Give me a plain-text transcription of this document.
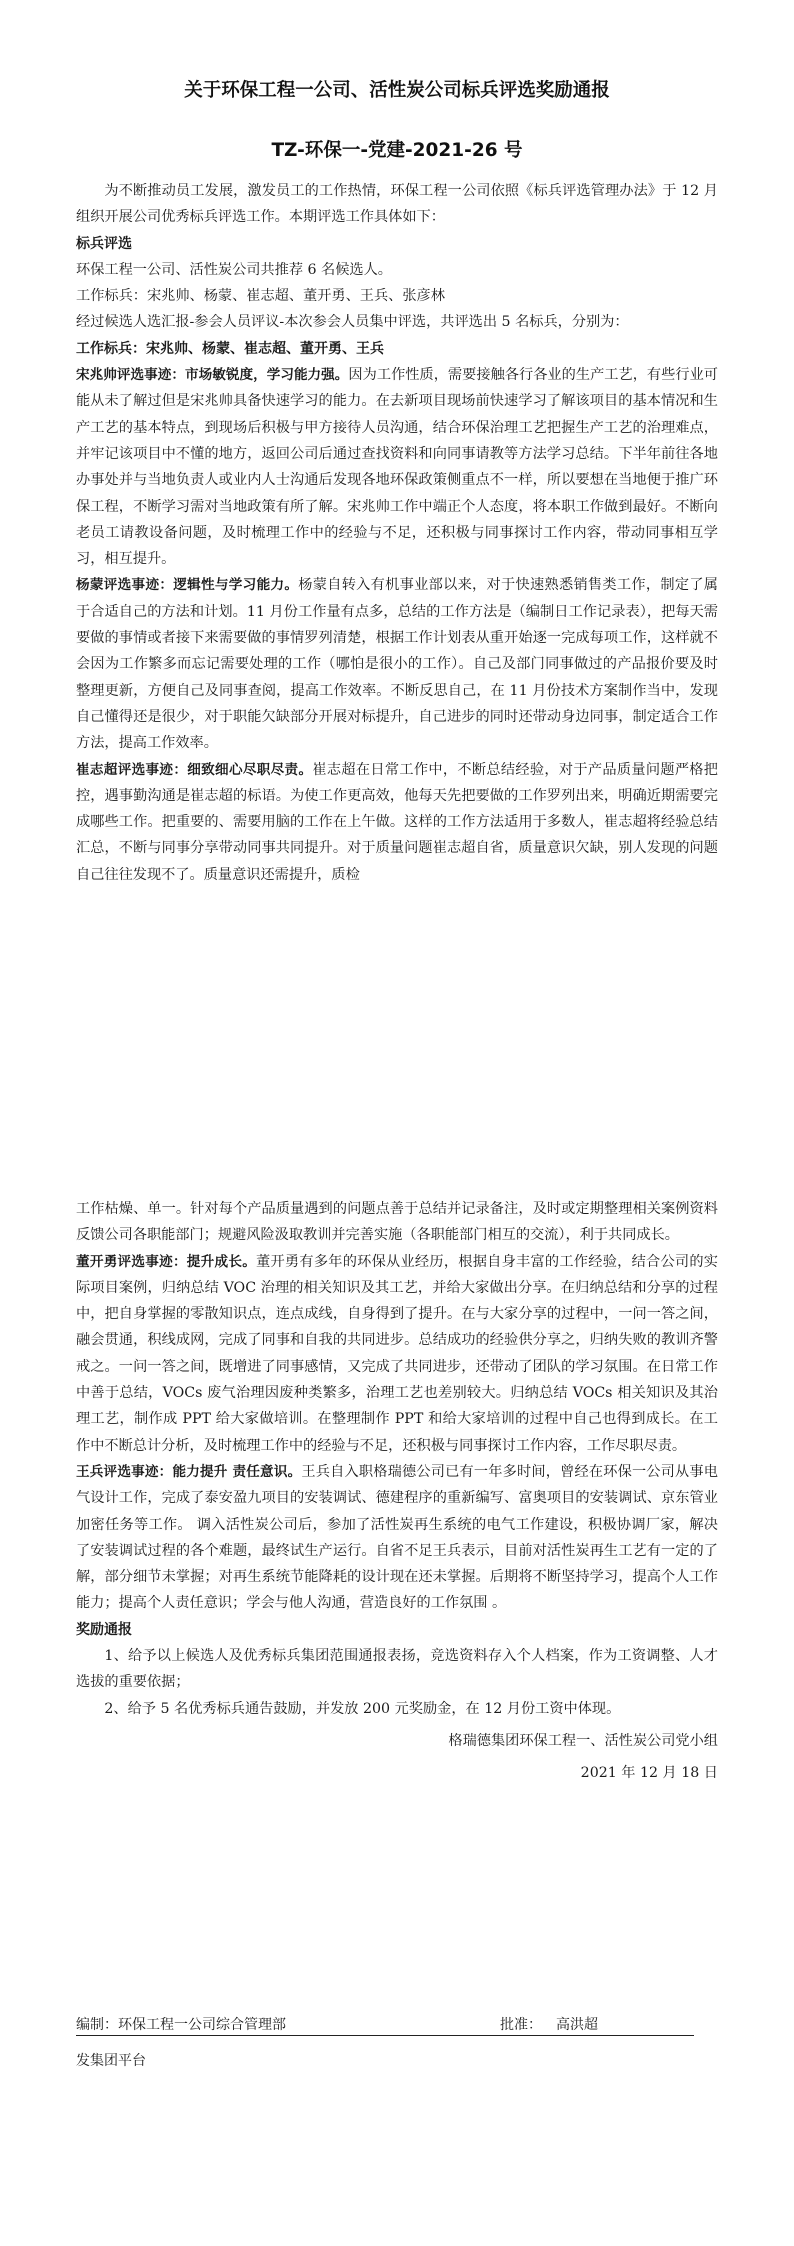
关于环保工程一公司、活性炭公司标兵评选奖励通报
TZ-环保一-党建-2021-26 号

为不断推动员工发展，激发员工的工作热情，环保工程一公司依照《标兵评选管理办法》于 12 月组织开展公司优秀标兵评选工作。本期评选工作具体如下：

标兵评选

环保工程一公司、活性炭公司共推荐 6 名候选人。

工作标兵：宋兆帅、杨蒙、崔志超、董开勇、王兵、张彦林

经过候选人选汇报-参会人员评议-本次参会人员集中评选，共评选出 5 名标兵，分别为：

工作标兵：宋兆帅、杨蒙、崔志超、董开勇、王兵

宋兆帅评选事迹：市场敏锐度，学习能力强。因为工作性质，需要接触各行各业的生产工艺，有些行业可能从未了解过但是宋兆帅具备快速学习的能力。在去新项目现场前快速学习了解该项目的基本情况和生产工艺的基本特点，到现场后积极与甲方接待人员沟通，结合环保治理工艺把握生产工艺的治理难点，并牢记该项目中不懂的地方，返回公司后通过查找资料和向同事请教等方法学习总结。下半年前往各地办事处并与当地负责人或业内人士沟通后发现各地环保政策侧重点不一样，所以要想在当地便于推广环保工程，不断学习需对当地政策有所了解。宋兆帅工作中端正个人态度，将本职工作做到最好。不断向老员工请教设备问题，及时梳理工作中的经验与不足，还积极与同事探讨工作内容，带动同事相互学习，相互提升。

杨蒙评选事迹：逻辑性与学习能力。杨蒙自转入有机事业部以来，对于快速熟悉销售类工作，制定了属于合适自己的方法和计划。11 月份工作量有点多，总结的工作方法是（编制日工作记录表），把每天需要做的事情或者接下来需要做的事情罗列清楚，根据工作计划表从重开始逐一完成每项工作，这样就不会因为工作繁多而忘记需要处理的工作（哪怕是很小的工作）。自己及部门同事做过的产品报价要及时整理更新，方便自己及同事查阅，提高工作效率。不断反思自己，在 11 月份技术方案制作当中，发现自己懂得还是很少，对于职能欠缺部分开展对标提升，自己进步的同时还带动身边同事，制定适合工作方法，提高工作效率。

崔志超评选事迹：细致细心尽职尽责。崔志超在日常工作中，不断总结经验，对于产品质量问题严格把控，遇事勤沟通是崔志超的标语。为使工作更高效，他每天先把要做的工作罗列出来，明确近期需要完成哪些工作。把重要的、需要用脑的工作在上午做。这样的工作方法适用于多数人，崔志超将经验总结汇总，不断与同事分享带动同事共同提升。对于质量问题崔志超自省，质量意识欠缺，别人发现的问题自己往往发现不了。质量意识还需提升，质检

工作枯燥、单一。针对每个产品质量遇到的问题点善于总结并记录备注，及时或定期整理相关案例资料反馈公司各职能部门；规避风险汲取教训并完善实施（各职能部门相互的交流），利于共同成长。

董开勇评选事迹：提升成长。董开勇有多年的环保从业经历，根据自身丰富的工作经验，结合公司的实际项目案例，归纳总结 VOC 治理的相关知识及其工艺，并给大家做出分享。在归纳总结和分享的过程中，把自身掌握的零散知识点，连点成线，自身得到了提升。在与大家分享的过程中，一问一答之间，融会贯通，积线成网，完成了同事和自我的共同进步。总结成功的经验供分享之，归纳失败的教训齐警戒之。一问一答之间，既增进了同事感情，又完成了共同进步，还带动了团队的学习氛围。在日常工作中善于总结，VOCs 废气治理因废种类繁多，治理工艺也差别较大。归纳总结 VOCs 相关知识及其治理工艺，制作成 PPT 给大家做培训。在整理制作 PPT 和给大家培训的过程中自己也得到成长。在工作中不断总计分析，及时梳理工作中的经验与不足，还积极与同事探讨工作内容，工作尽职尽责。

王兵评选事迹：能力提升 责任意识。王兵自入职格瑞德公司已有一年多时间，曾经在环保一公司从事电气设计工作，完成了泰安盈九项目的安装调试、德建程序的重新编写、富奥项目的安装调试、京东管业加密任务等工作。 调入活性炭公司后，参加了活性炭再生系统的电气工作建设，积极协调厂家，解决了安装调试过程的各个难题，最终试生产运行。自省不足王兵表示，目前对活性炭再生工艺有一定的了解，部分细节未掌握；对再生系统节能降耗的设计现在还未掌握。后期将不断坚持学习，提高个人工作能力；提高个人责任意识；学会与他人沟通，营造良好的工作氛围 。

奖励通报

1、给予以上候选人及优秀标兵集团范围通报表扬，竞选资料存入个人档案，作为工资调整、人才选拔的重要依据；

2、给予 5 名优秀标兵通告鼓励，并发放 200 元奖励金，在 12 月份工资中体现。

格瑞德集团环保工程一、活性炭公司党小组

2021 年 12 月 18 日

编制：环保工程一公司综合管理部	批准： 高洪超
发集团平台
